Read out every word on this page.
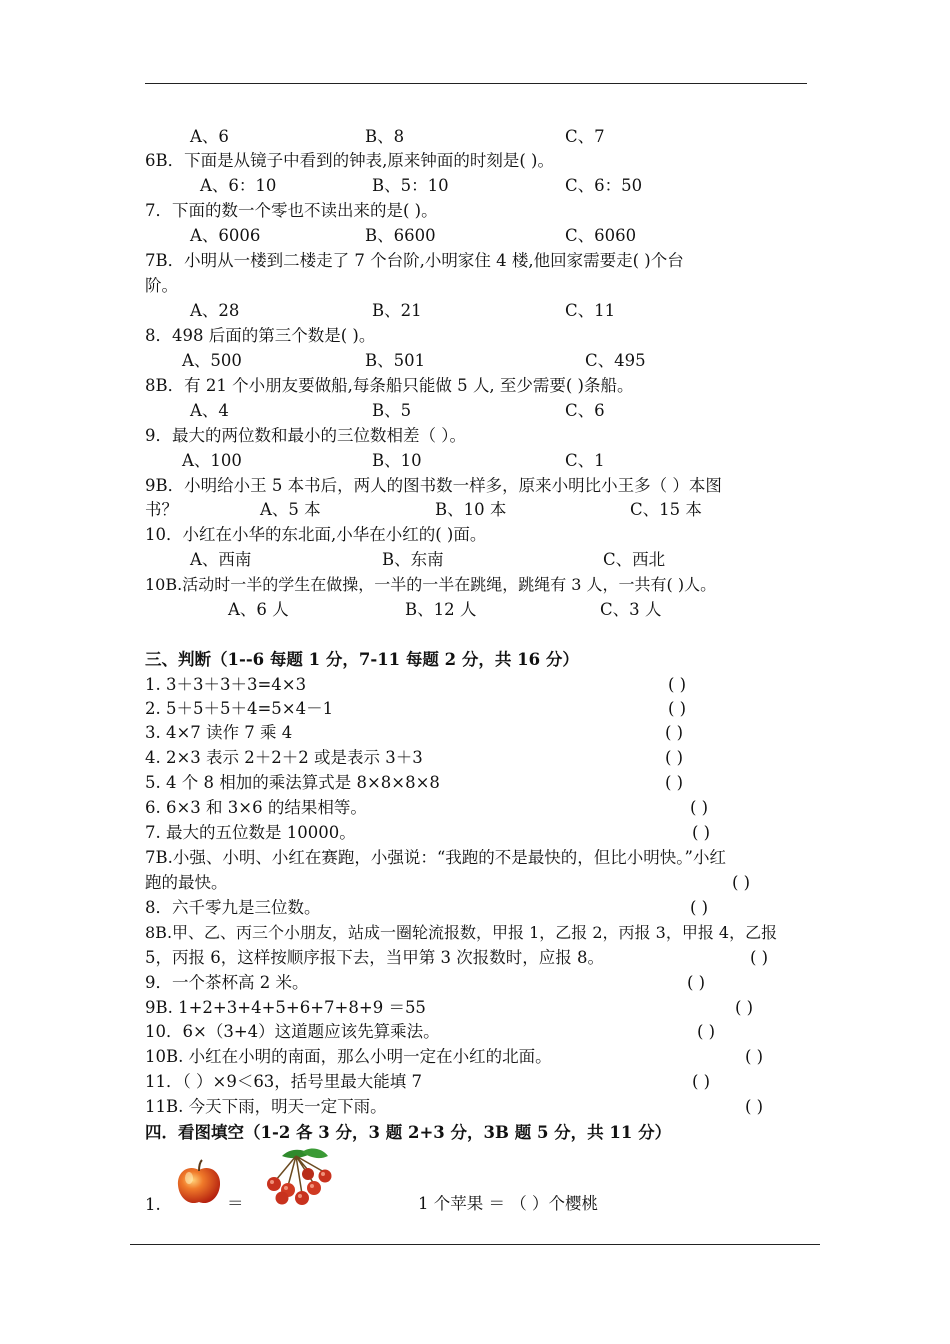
A、6	B、8	C、7
6B．下面是从镜子中看到的钟表,原来钟面的时刻是( )。
A、6：10	B、5：10	C、6：50
7．下面的数一个零也不读出来的是( )。
A、6006	B、6600	C、6060
7B．小明从一楼到二楼走了 7 个台阶,小明家住 4 楼,他回家需要走( )个台
阶。
A、28	B、21	C、11
8．498 后面的第三个数是( )。
A、500	B、501	C、495
8B．有 21 个小朋友要做船,每条船只能做 5 人, 至少需要( )条船。
A、4	B、5	C、6
9．最大的两位数和最小的三位数相差（ ）。
A、100	B、10	C、1
9B．小明给小王 5 本书后，两人的图书数一样多，原来小明比小王多（ ）本图
书？	A、5 本	B、10 本	C、15 本
10．小红在小华的东北面,小华在小红的( )面。
A、西南	B、东南	C、西北
10B.活动时一半的学生在做操，一半的一半在跳绳，跳绳有 3 人，一共有( )人。
A、6 人	B、12 人	C、3 人
三、判断（1--6 每题 1 分，7-11 每题 2 分，共 16 分）
1. 3＋3＋3＋3=4×3	( )
2. 5＋5＋5＋4=5×4－1	( )
3. 4×7 读作 7 乘 4	( )
4. 2×3 表示 2＋2＋2 或是表示 3＋3	( )
5. 4 个 8 相加的乘法算式是 8×8×8×8	( )
6. 6×3 和 3×6 的结果相等。	( )
7. 最大的五位数是 10000。	( )
7B.小强、小明、小红在赛跑，小强说：“我跑的不是最快的，但比小明快。”小红
跑的最快。	( )
8．六千零九是三位数。	( )
8B.甲、乙、丙三个小朋友，站成一圈轮流报数，甲报 1，乙报 2，丙报 3，甲报 4，乙报
5，丙报 6，这样按顺序报下去，当甲第 3 次报数时，应报 8。	( )
9．一个茶杯高 2 米。	( )
9B. 1+2+3+4+5+6+7+8+9 ＝55	( )
10．6×（3+4）这道题应该先算乘法。	( )
10B. 小红在小明的南面，那么小明一定在小红的北面。	( )
11．（ ）×9＜63，括号里最大能填 7	( )
11B. 今天下雨，明天一定下雨。	( )
四．看图填空（1-2 各 3 分，3 题 2+3 分，3B 题 5 分，共 11 分）
1.	＝	1 个苹果 ＝ （ ）个樱桃
